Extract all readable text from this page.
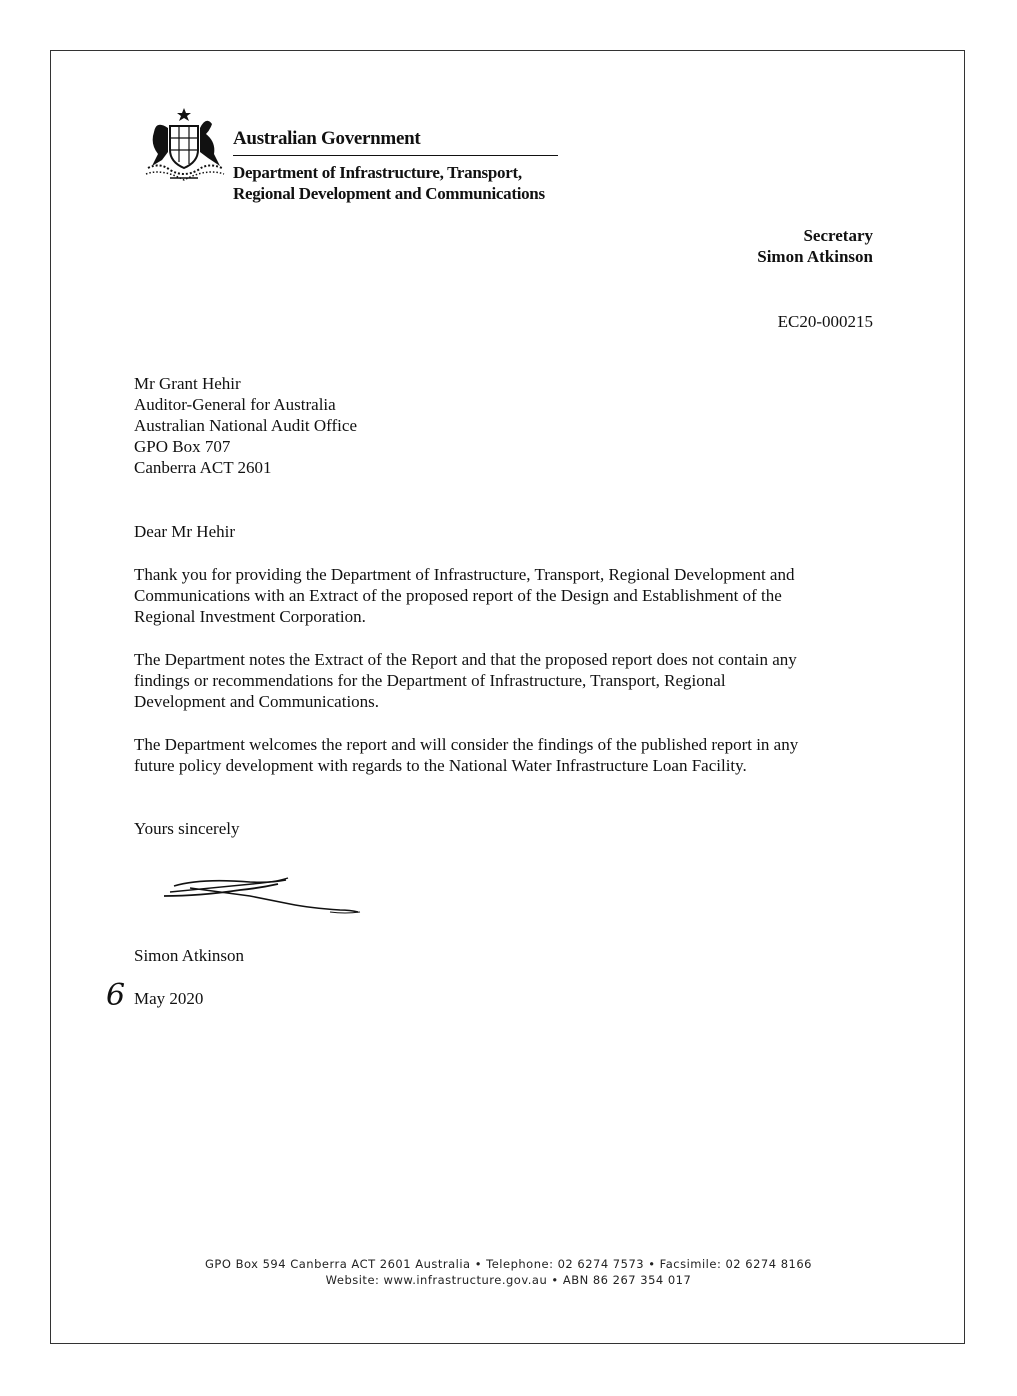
Australian Government
Department of Infrastructure, Transport,
Regional Development and Communications
Secretary
Simon Atkinson
EC20-000215
Mr Grant Hehir
Auditor-General for Australia
Australian National Audit Office
GPO Box 707
Canberra ACT 2601
Dear Mr Hehir
Thank you for providing the Department of Infrastructure, Transport, Regional Development and
Communications with an Extract of the proposed report of the Design and Establishment of the
Regional Investment Corporation.
The Department notes the Extract of the Report and that the proposed report does not contain any
findings or recommendations for the Department of Infrastructure, Transport, Regional
Development and Communications.
The Department welcomes the report and will consider the findings of the published report in any
future policy development with regards to the National Water Infrastructure Loan Facility.
Yours sincerely
Simon Atkinson
6 May 2020
GPO Box 594 Canberra ACT 2601 Australia • Telephone: 02 6274 7573 • Facsimile: 02 6274 8166
Website: www.infrastructure.gov.au • ABN 86 267 354 017
